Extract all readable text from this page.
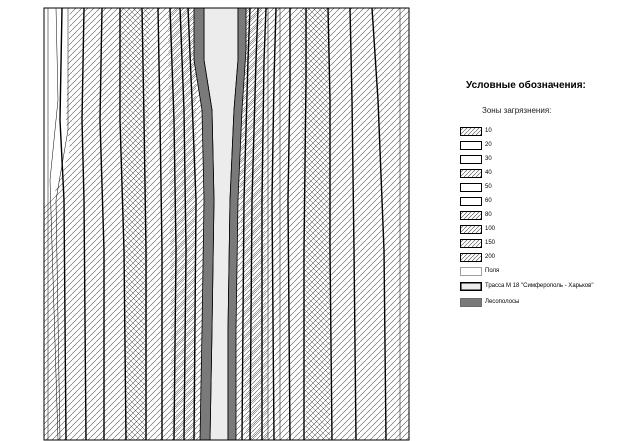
Условные обозначения:
Зоны загрязнения:
10
20
30
40
50
60
80
100
150
200
Поля
Трасса М 18 "Симферополь - Харьков"
Лесополосы
